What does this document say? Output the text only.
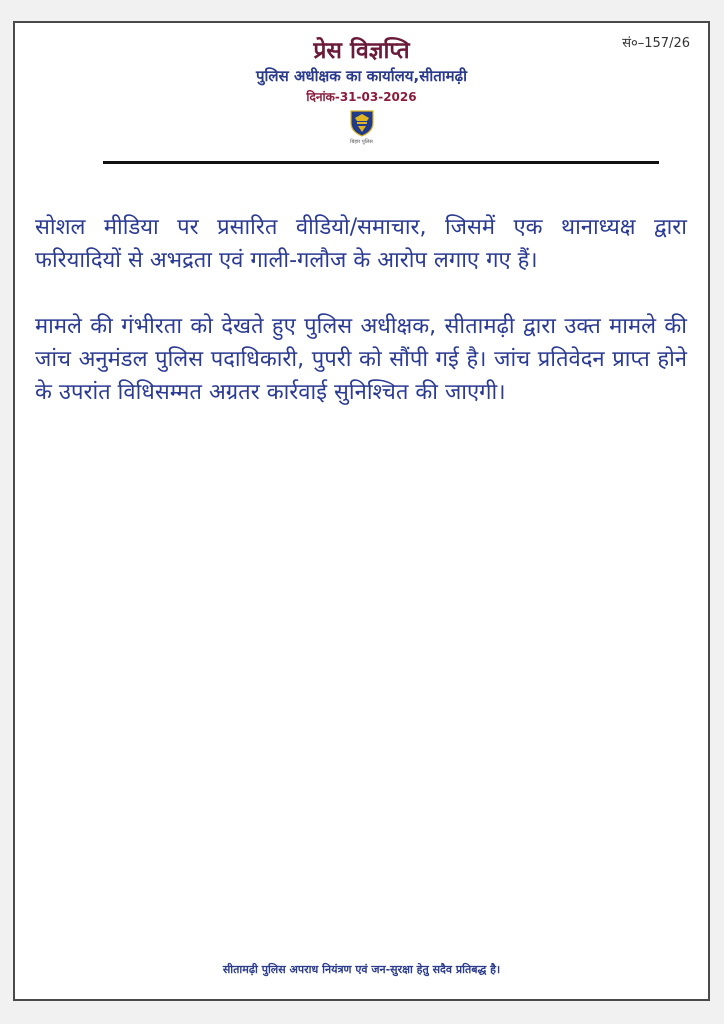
सं०–157/26

प्रेस विज्ञप्ति

पुलिस अधीक्षक का कार्यालय,सीतामढ़ी

दिनांक-31-03-2026

बिहार पुलिस

सोशल मीडिया पर प्रसारित वीडियो/समाचार, जिसमें एक थानाध्यक्ष द्वारा फरियादियों से अभद्रता एवं गाली-गलौज के आरोप लगाए गए हैं।

मामले की गंभीरता को देखते हुए पुलिस अधीक्षक, सीतामढ़ी द्वारा उक्त मामले की जांच अनुमंडल पुलिस पदाधिकारी, पुपरी को सौंपी गई है। जांच प्रतिवेदन प्राप्त होने के उपरांत विधिसम्मत अग्रतर कार्रवाई सुनिश्चित की जाएगी।

सीतामढ़ी पुलिस अपराध नियंत्रण एवं जन-सुरक्षा हेतु सदैव प्रतिबद्ध है।
